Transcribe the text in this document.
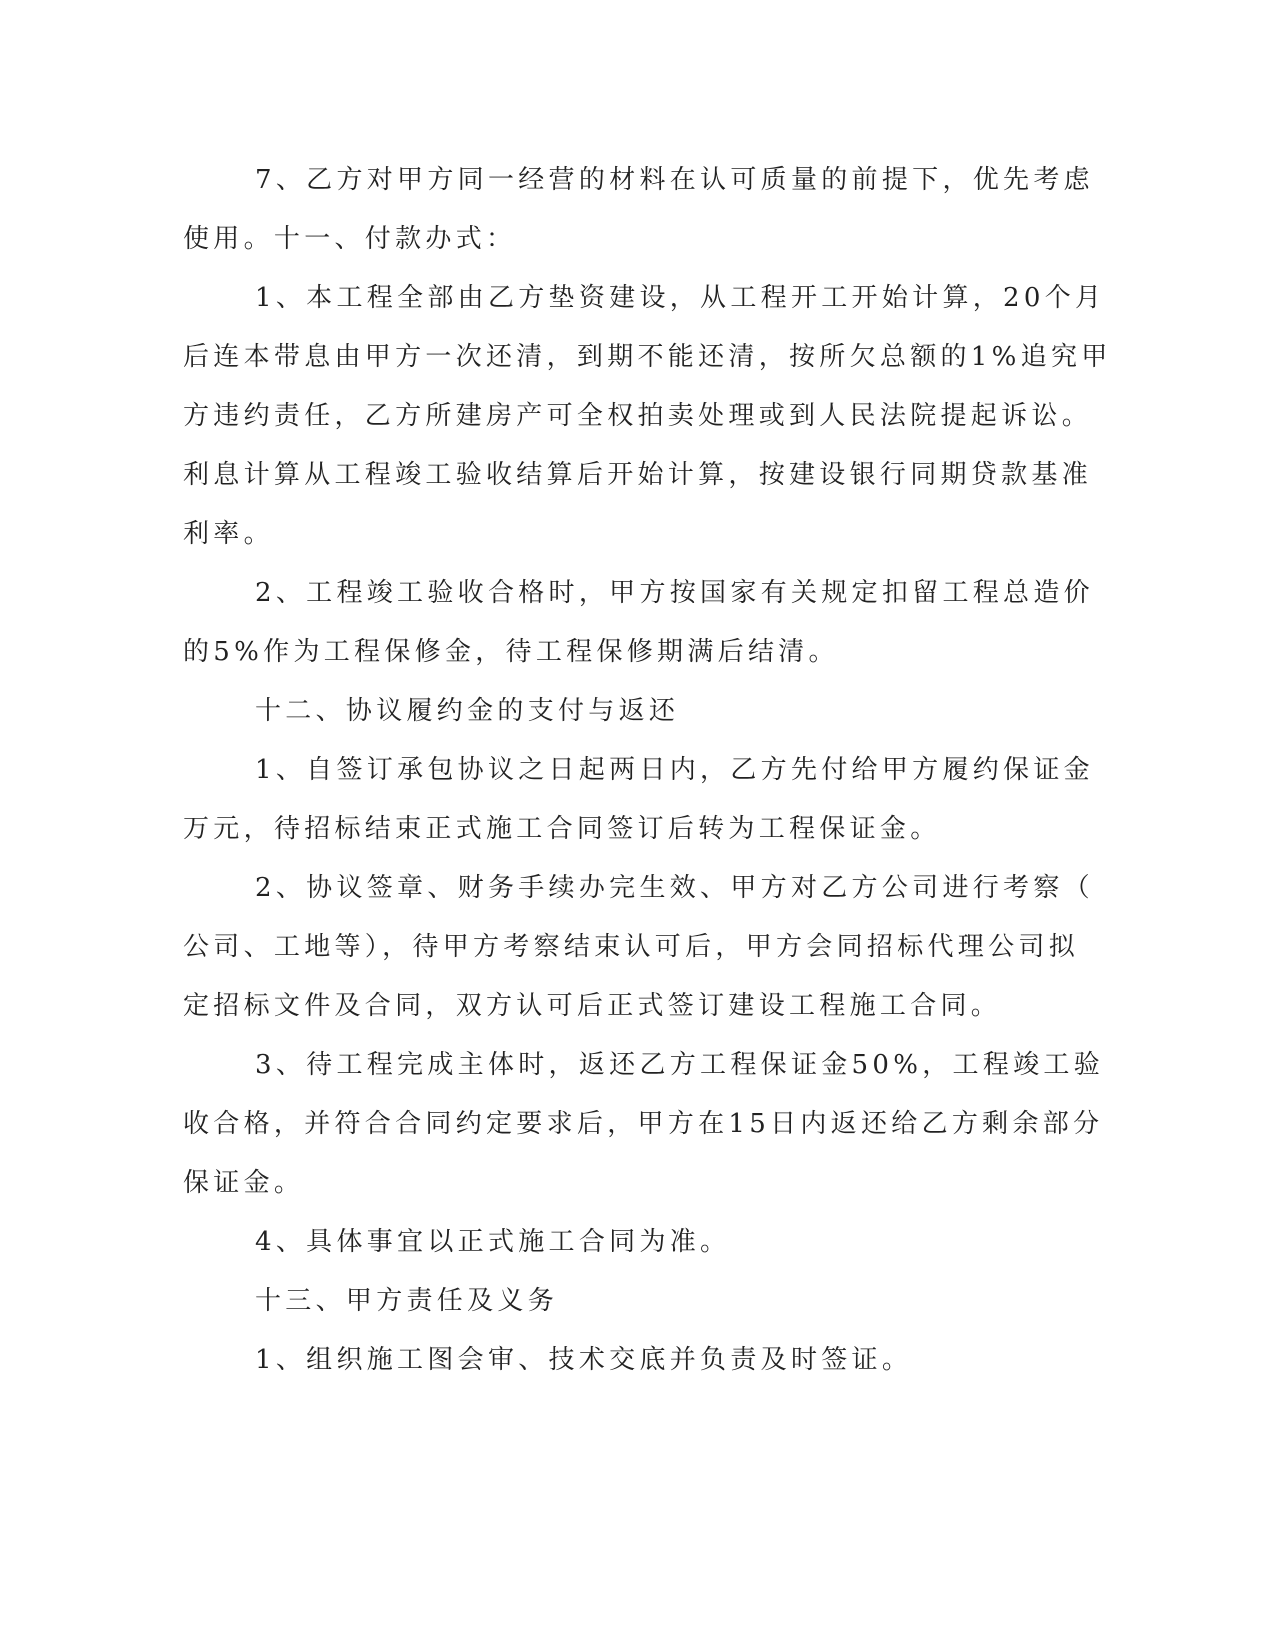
7、乙方对甲方同一经营的材料在认可质量的前提下，优先考虑
使用。十一、付款办式：
1、本工程全部由乙方垫资建设，从工程开工开始计算，20个月
后连本带息由甲方一次还清，到期不能还清，按所欠总额的1%追究甲
方违约责任，乙方所建房产可全权拍卖处理或到人民法院提起诉讼。
利息计算从工程竣工验收结算后开始计算，按建设银行同期贷款基准
利率。
2、工程竣工验收合格时，甲方按国家有关规定扣留工程总造价
的5%作为工程保修金，待工程保修期满后结清。
十二、协议履约金的支付与返还
1、自签订承包协议之日起两日内，乙方先付给甲方履约保证金
万元，待招标结束正式施工合同签订后转为工程保证金。
2、协议签章、财务手续办完生效、甲方对乙方公司进行考察（
公司、工地等），待甲方考察结束认可后，甲方会同招标代理公司拟
定招标文件及合同，双方认可后正式签订建设工程施工合同。
3、待工程完成主体时，返还乙方工程保证金50%，工程竣工验
收合格，并符合合同约定要求后，甲方在15日内返还给乙方剩余部分
保证金。
4、具体事宜以正式施工合同为准。
十三、甲方责任及义务
1、组织施工图会审、技术交底并负责及时签证。
